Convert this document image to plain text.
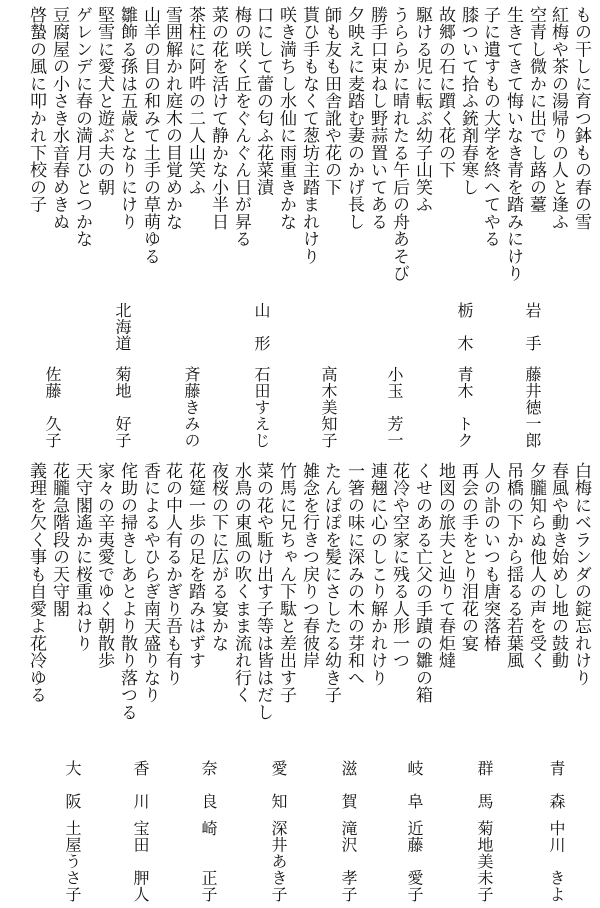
もの干しに育つ鉢もの春の雪
紅梅や茶の湯帰りの人と逢ふ
空青し微かに出でし蕗の薹
生きてきて悔いなき青を踏みにけり
子に遺すもの大学を終へてやる
膝ついて拾ふ銃剤春寒し
故郷の石に躓く花の下
駆ける児に転ぶ幼子山笑ふ
うららかに晴れたる午后の舟あそび
勝手口束ねし野蒜置いてある
夕映えに麦踏む妻のかげ長し
師も友も田舎訛や花の下
貰ひ手もなくて葱坊主踏まれけり
咲き満ちし水仙に雨重きかな
口にして蕾の匂ふ花菜漬
梅の咲く丘をぐんぐん日が昇る
菜の花を活けて静かな小半日
茶柱に阿吽の二人山笑ふ
雪囲解かれ庭木の目覚めかな
山羊の目の和みて土手の草萌ゆる
雛飾る孫は五歳となりにけり
堅雪に愛犬と遊ぶ夫の朝
ゲレンデに春の満月ひとつかな
豆腐屋の小さき水音春めきぬ
啓蟄の風に叩かれ下校の子
岩　手
藤井徳一郎
栃　木
青木　トク
小玉　芳一
高木美知子
山　形
石田すえじ
斉藤きみの
北海道
菊地　好子
佐藤　久子
白梅にベランダの錠忘れけり
春風や動き始めし地の鼓動
夕朧知らぬ他人の声を受く
吊橋の下から揺るる若葉風
人の訃のいつも唐突落椿
再会の手をとり泪花の宴
地図の旅夫と辿りて春炬燵
くせのある亡父の手蹟の雛の箱
花冷や空家に残る人形一つ
連翹に心のしこり解かれけり
一箸の味に深みの木の芽和へ
たんぽぽを髪にさしたる幼き子
雑念を行きつ戻りつ春彼岸
竹馬に兄ちゃん下駄と差出す子
菜の花や駈け出す子等は皆はだし
水鳥の東風の吹くまま流れ行く
夜桜の下に広がる宴かな
花筵一歩の足を踏みはずす
花の中人有るかぎり吾も有り
香によるやひらぎ南天盛りなり
侘助の掃きしあとより散り落つる
家々の辛夷愛でゆく朝散歩
天守閣遙かに桜重ねけり
花朧急階段の天守閣
義理を欠く事も自愛よ花冷ゆる
青　森
中川　きよ
群　馬
菊地美未子
岐　阜
近藤　愛子
滋　賀
滝沢　孝子
愛　知
深井あき子
奈　良
崎　　正子
香　川
宝田　胛人
大　阪
土屋うさ子
